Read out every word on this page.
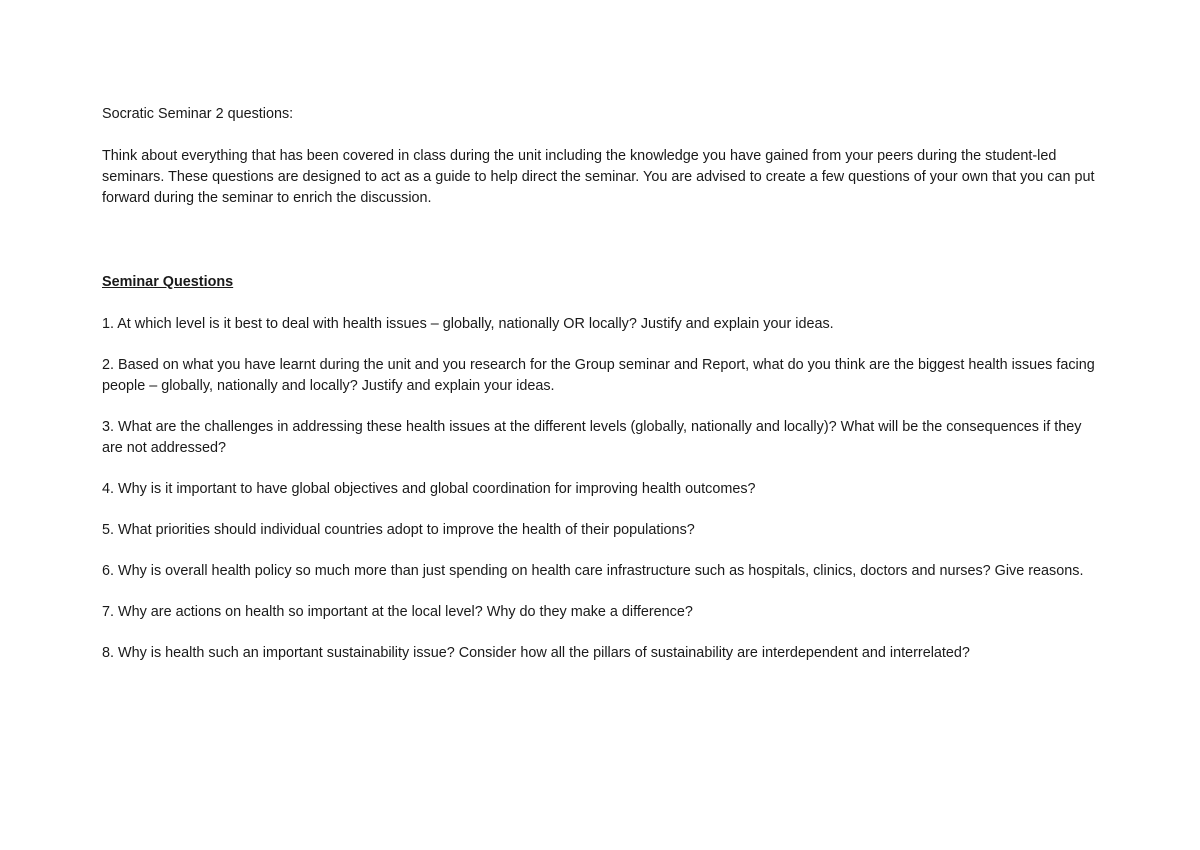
Socratic Seminar 2 questions:

Think about everything that has been covered in class during the unit including the knowledge you have gained from your peers during the student-led seminars. These questions are designed to act as a guide to help direct the seminar. You are advised to create a few questions of your own that you can put forward during the seminar to enrich the discussion.

Seminar Questions

1. At which level is it best to deal with health issues – globally, nationally OR locally? Justify and explain your ideas.

2. Based on what you have learnt during the unit and you research for the Group seminar and Report, what do you think are the biggest health issues facing people – globally, nationally and locally? Justify and explain your ideas.

3. What are the challenges in addressing these health issues at the different levels (globally, nationally and locally)? What will be the consequences if they are not addressed?

4. Why is it important to have global objectives and global coordination for improving health outcomes?

5. What priorities should individual countries adopt to improve the health of their populations?

6. Why is overall health policy so much more than just spending on health care infrastructure such as hospitals, clinics, doctors and nurses? Give reasons.

7. Why are actions on health so important at the local level? Why do they make a difference?

8. Why is health such an important sustainability issue? Consider how all the pillars of sustainability are interdependent and interrelated?
